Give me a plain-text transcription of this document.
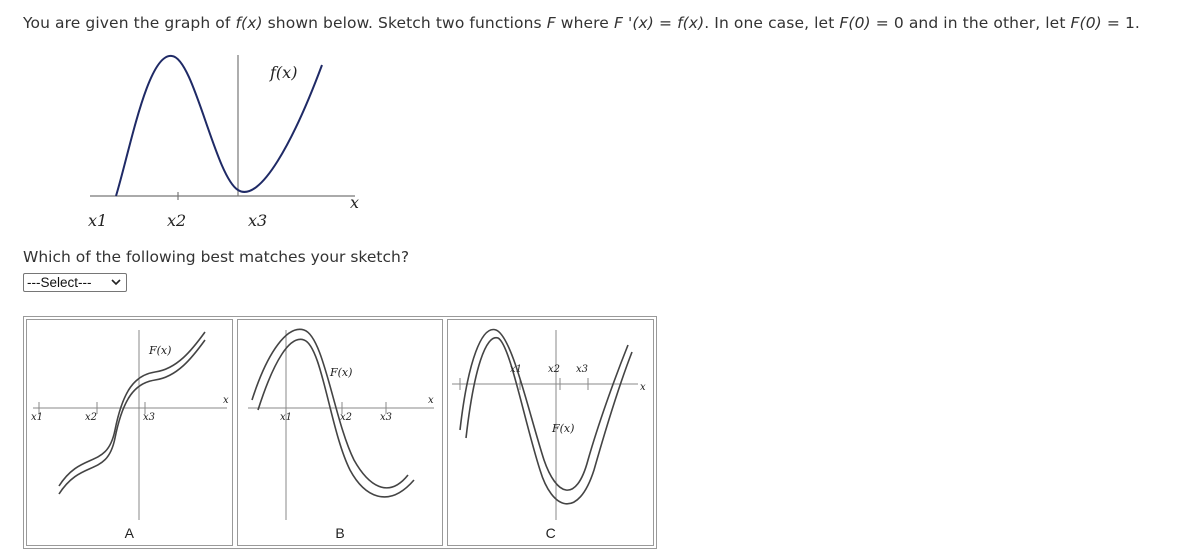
You are given the graph of f(x) shown below. Sketch two functions F where F '(x) = f(x). In one case, let F(0) = 0 and in the other, let F(0) = 1.
f(x)
x
x1	x2	x3
Which of the following best matches your sketch?
---Select---
F(x)
x
x1	x2	x3
A
F(x)
x
x1	x2	x3
B
F(x)
x
x1	x2 x3
C
